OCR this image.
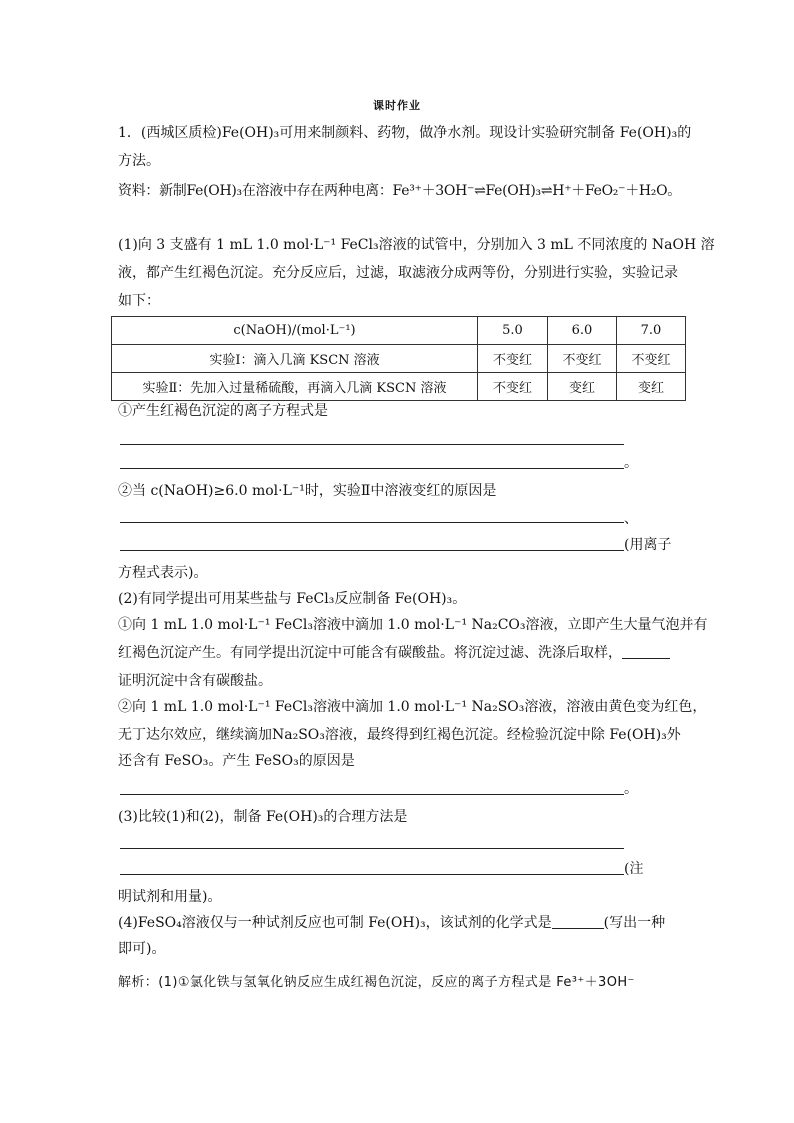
课时作业
1．(西城区质检)Fe(OH)₃可用来制颜料、药物，做净水剂。现设计实验研究制备 Fe(OH)₃的
方法。
资料：新制Fe(OH)₃在溶液中存在两种电离：Fe³⁺＋3OH⁻⇌Fe(OH)₃⇌H⁺＋FeO₂⁻＋H₂O。
(1)向 3 支盛有 1 mL 1.0 mol·L⁻¹ FeCl₃溶液的试管中，分别加入 3 mL 不同浓度的 NaOH 溶
液，都产生红褐色沉淀。充分反应后，过滤，取滤液分成两等份，分别进行实验，实验记录
如下：
c(NaOH)/(mol·L⁻¹)	5.0	6.0	7.0
实验Ⅰ：滴入几滴 KSCN 溶液	不变红	不变红	不变红
实验Ⅱ：先加入过量稀硫酸，再滴入几滴 KSCN 溶液	不变红	变红	变红
①产生红褐色沉淀的离子方程式是
。
②当 c(NaOH)≥6.0 mol·L⁻¹时，实验Ⅱ中溶液变红的原因是
、
(用离子
方程式表示)。
(2)有同学提出可用某些盐与 FeCl₃反应制备 Fe(OH)₃。
①向 1 mL 1.0 mol·L⁻¹ FeCl₃溶液中滴加 1.0 mol·L⁻¹ Na₂CO₃溶液，立即产生大量气泡并有
红褐色沉淀产生。有同学提出沉淀中可能含有碳酸盐。将沉淀过滤、洗涤后取样，
证明沉淀中含有碳酸盐。
②向 1 mL 1.0 mol·L⁻¹ FeCl₃溶液中滴加 1.0 mol·L⁻¹ Na₂SO₃溶液，溶液由黄色变为红色，
无丁达尔效应，继续滴加Na₂SO₃溶液，最终得到红褐色沉淀。经检验沉淀中除 Fe(OH)₃外
还含有 FeSO₃。产生 FeSO₃的原因是
。
(3)比较(1)和(2)，制备 Fe(OH)₃的合理方法是
(注
明试剂和用量)。
(4)FeSO₄溶液仅与一种试剂反应也可制 Fe(OH)₃，该试剂的化学式是	(写出一种
即可)。
解析：(1)①氯化铁与氢氧化钠反应生成红褐色沉淀，反应的离子方程式是 Fe³⁺＋3OH⁻
